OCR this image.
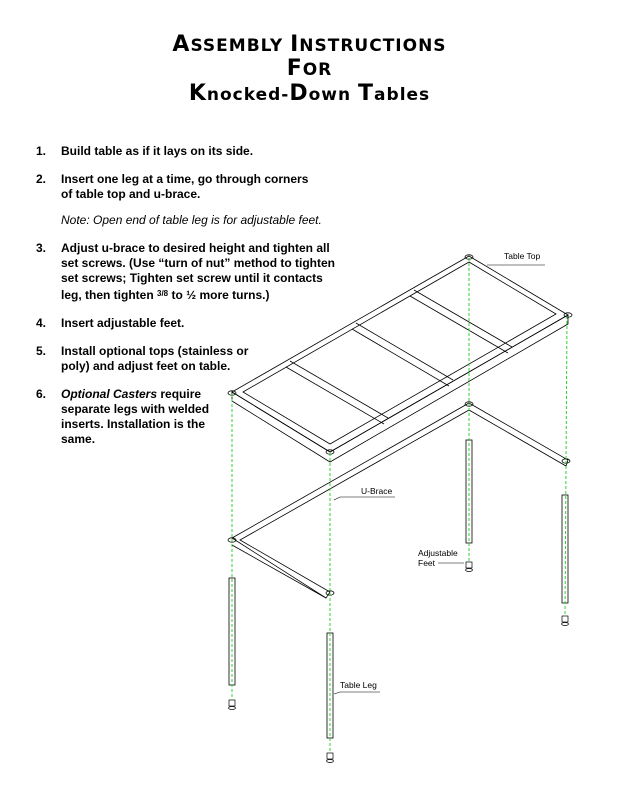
ASSEMBLY INSTRUCTIONS
FOR
Knocked-Down Tables
1.	Build table as if it lays on its side.
2.	Insert one leg at a time, go through corners of table top and u-brace.
Note: Open end of table leg is for adjustable feet.
3.	Adjust u-brace to desired height and tighten all set screws. (Use “turn of nut” method to tighten set screws; Tighten set screw until it contacts leg, then tighten $^{3/8}$ to ½ more turns.)
4.	Insert adjustable feet.
5.	Install optional tops (stainless or poly) and adjust feet on table.
6.	Optional Casters require separate legs with welded inserts. Installation is the same.
Table Top
U-Brace
Adjustable
Feet
Table Leg
